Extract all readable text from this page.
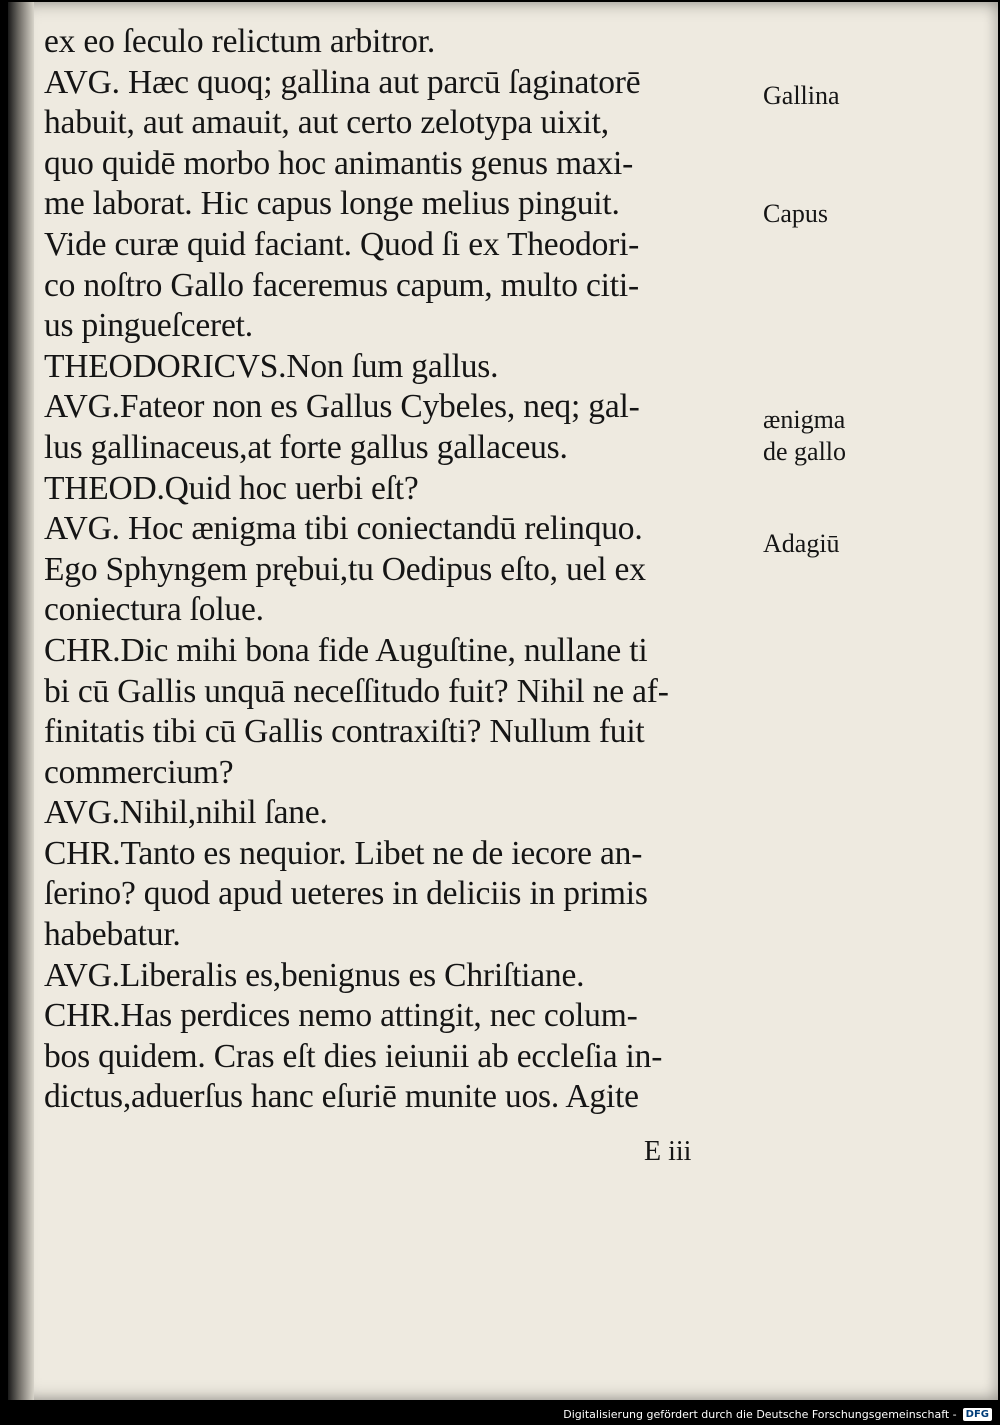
ex eo ſeculo relictum arbitror.
AVG. Hæc quoq; gallina aut parcū ſaginatorē
habuit, aut amauit, aut certo zelotypa uixit,
quo quidē morbo hoc animantis genus maxi-
me laborat. Hic capus longe melius pinguit.
Vide curæ quid faciant. Quod ſi ex Theodori-
co noſtro Gallo faceremus capum, multo citi-
us pingueſceret.
THEODORICVS.Non ſum gallus.
AVG.Fateor non es Gallus Cybeles, neq; gal-
lus gallinaceus,at forte gallus gallaceus.
THEOD.Quid hoc uerbi eſt?
AVG. Hoc ænigma tibi coniectandū relinquo.
Ego Sphyngem prębui,tu Oedipus eſto, uel ex
coniectura ſolue.
CHR.Dic mihi bona fide Auguſtine, nullane ti
bi cū Gallis unquā neceſſitudo fuit? Nihil ne af-
finitatis tibi cū Gallis contraxiſti? Nullum fuit
commercium?
AVG.Nihil,nihil ſane.
CHR.Tanto es nequior. Libet ne de iecore an-
ſerino? quod apud ueteres in deliciis in primis
habebatur.
AVG.Liberalis es,benignus es Chriſtiane.
CHR.Has perdices nemo attingit, nec colum-
bos quidem. Cras eſt dies ieiunii ab eccleſia in-
dictus,aduerſus hanc eſuriē munite uos. Agite
Gallina
Capus
ænigma
de gallo
Adagiū
E iii
Digitalisierung gefördert durch die Deutsche Forschungsgemeinschaft - DFG
